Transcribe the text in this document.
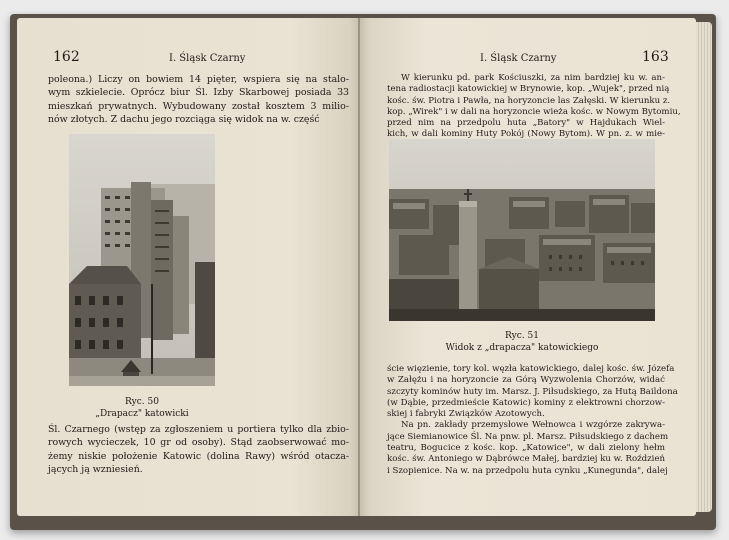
162	I. Śląsk Czarny
poleona.) Liczy on bowiem 14 pięter, wspiera się na stalo-
wym szkielecie. Oprócz biur Śl. Izby Skarbowej posiada 33
mieszkań prywatnych. Wybudowany został kosztem 3 milio-
nów złotych. Z dachu jego rozciąga się widok na w. część
Ryc. 50
„Drapacz" katowicki
Śl. Czarnego (wstęp za zgłoszeniem u portiera tylko dla zbio-
rowych wycieczek, 10 gr od osoby). Stąd zaobserwować mo-
żemy niskie położenie Katowic (dolina Rawy) wśród otacza-
jących ją wzniesień.
I. Śląsk Czarny	163
W kierunku pd. park Kościuszki, za nim bardziej ku w. an-
tena radiostacji katowickiej w Brynowie, kop. „Wujek", przed nią
kośc. św. Piotra i Pawła, na horyzoncie las Załęski. W kierunku z.
kop. „Wirek" i w dali na horyzoncie wieża kośc. w Nowym Bytomiu,
przed nim na przedpolu huta „Batory" w Hajdukach Wiel-
kich, w dali kominy Huty Pokój (Nowy Bytom). W pn. z. w mie-
Ryc. 51
Widok z „drapacza" katowickiego
ście więzienie, tory kol. węzła katowickiego, dalej kośc. św. Józefa
w Załężu i na horyzoncie za Górą Wyzwolenia Chorzów, widać
szczyty kominów huty im. Marsz. J. Piłsudskiego, za Hutą Baildona
(w Dąbie, przedmieście Katowic) kominy z elektrowni chorzow-
skiej i fabryki Związków Azotowych.
Na pn. zakłady przemysłowe Wełnowca i wzgórze zakrywa-
jące Siemianowice Śl. Na pnw. pl. Marsz. Piłsudskiego z dachem
teatru, Bogucice z kośc. kop. „Katowice", w dali zielony hełm
kośc. św. Antoniego w Dąbrówce Małej, bardziej ku w. Roździeń
i Szopienice. Na w. na przedpolu huta cynku „Kunegunda", dalej
